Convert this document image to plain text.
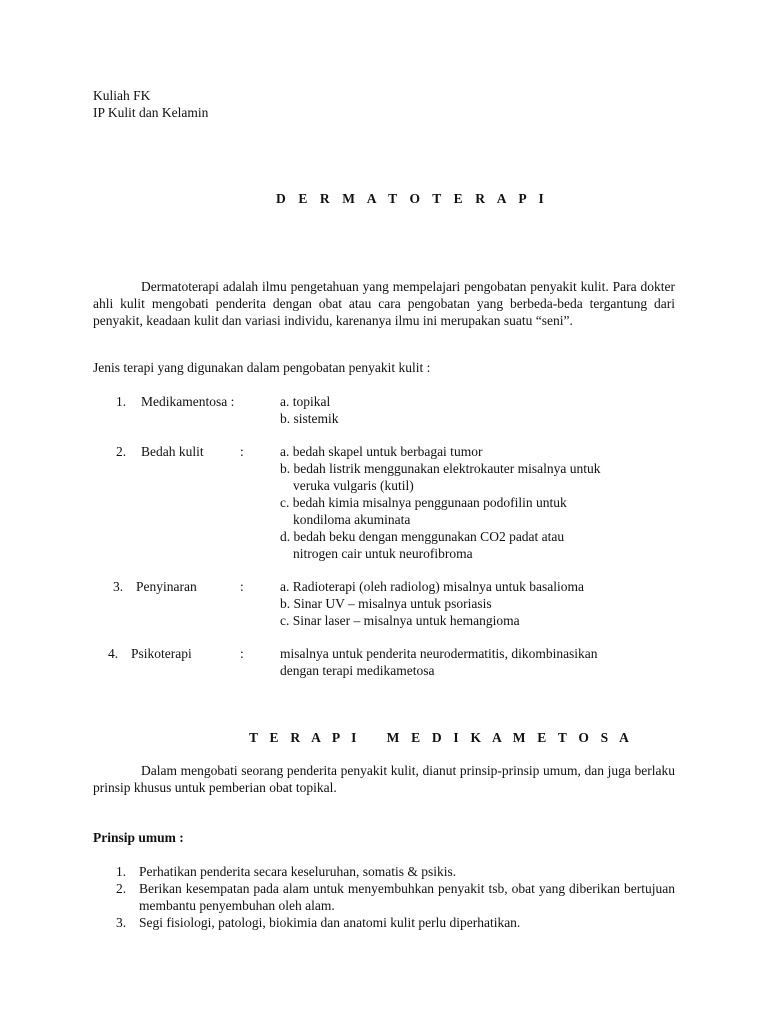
Kuliah FK
IP Kulit dan Kelamin
D E R M A T O T E R A P I
Dermatoterapi adalah ilmu pengetahuan yang mempelajari pengobatan penyakit kulit. Para dokter ahli kulit mengobati penderita dengan obat atau cara pengobatan yang berbeda-beda tergantung dari penyakit, keadaan kulit dan variasi individu, karenanya ilmu ini merupakan suatu “seni”.
Jenis terapi yang digunakan dalam pengobatan penyakit kulit :
1. Medikamentosa :	a. topikal
b. sistemik
2. Bedah kulit	:	a. bedah skapel untuk berbagai tumor
b. bedah listrik menggunakan elektrokauter misalnya untuk
veruka vulgaris (kutil)
c. bedah kimia misalnya penggunaan podofilin untuk
kondiloma akuminata
d. bedah beku dengan menggunakan CO2 padat atau
nitrogen cair untuk neurofibroma
3. Penyinaran	:	a. Radioterapi (oleh radiolog) misalnya untuk basalioma
b. Sinar UV – misalnya untuk psoriasis
c. Sinar laser – misalnya untuk hemangioma
4. Psikoterapi	:	misalnya untuk penderita neurodermatitis, dikombinasikan
dengan terapi medikametosa
T E R A P I M E D I K A M E T O S A
Dalam mengobati seorang penderita penyakit kulit, dianut prinsip-prinsip umum, dan juga berlaku prinsip khusus untuk pemberian obat topikal.
Prinsip umum :
1. Perhatikan penderita secara keseluruhan, somatis & psikis.
2. Berikan kesempatan pada alam untuk menyembuhkan penyakit tsb, obat yang diberikan bertujuan membantu penyembuhan oleh alam.
3. Segi fisiologi, patologi, biokimia dan anatomi kulit perlu diperhatikan.
